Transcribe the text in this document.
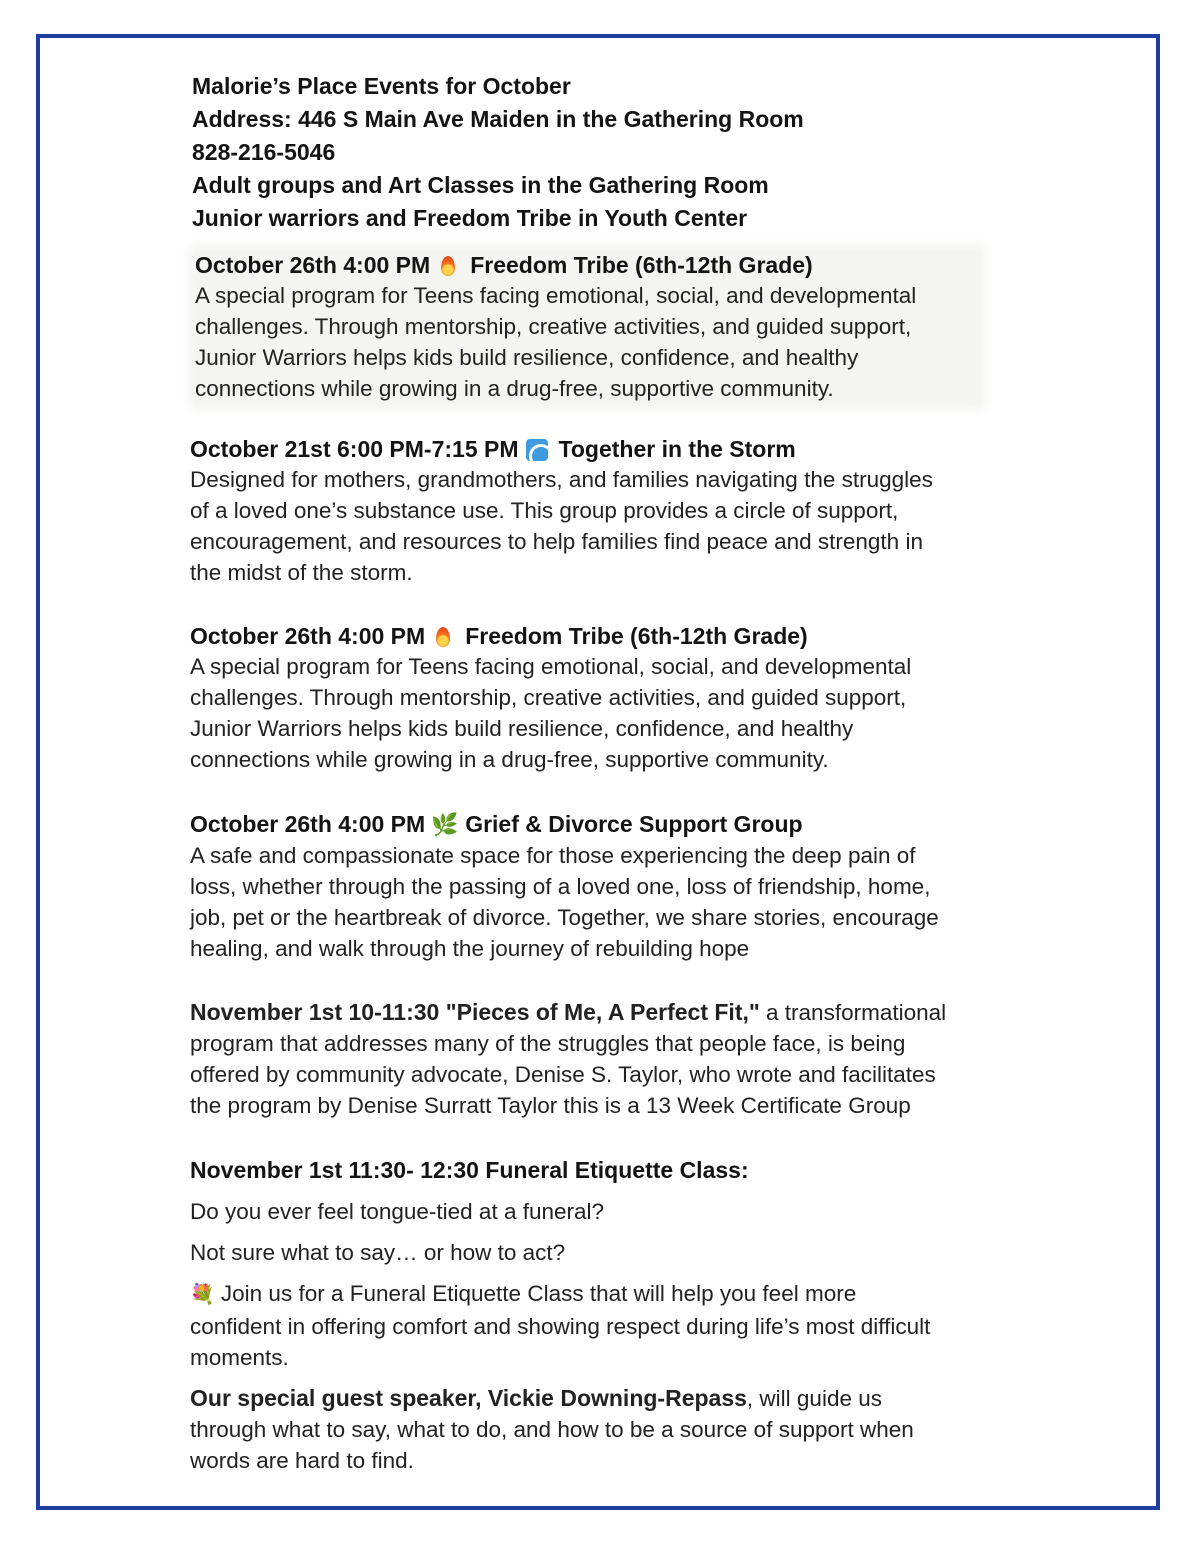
Malorie’s Place Events for October
Address: 446 S Main Ave Maiden in the Gathering Room
828-216-5046
Adult groups and Art Classes in the Gathering Room
Junior warriors and Freedom Tribe in Youth Center
October 26th 4:00 PM Freedom Tribe (6th-12th Grade)
A special program for Teens facing emotional, social, and developmental
challenges. Through mentorship, creative activities, and guided support,
Junior Warriors helps kids build resilience, confidence, and healthy
connections while growing in a drug-free, supportive community.
October 21st 6:00 PM-7:15 PM Together in the Storm
Designed for mothers, grandmothers, and families navigating the struggles
of a loved one’s substance use. This group provides a circle of support,
encouragement, and resources to help families find peace and strength in
the midst of the storm.
October 26th 4:00 PM Freedom Tribe (6th-12th Grade)
A special program for Teens facing emotional, social, and developmental
challenges. Through mentorship, creative activities, and guided support,
Junior Warriors helps kids build resilience, confidence, and healthy
connections while growing in a drug-free, supportive community.
October 26th 4:00 PM 🌿 Grief & Divorce Support Group
A safe and compassionate space for those experiencing the deep pain of
loss, whether through the passing of a loved one, loss of friendship, home,
job, pet or the heartbreak of divorce. Together, we share stories, encourage
healing, and walk through the journey of rebuilding hope
November 1st 10-11:30 "Pieces of Me, A Perfect Fit," a transformational
program that addresses many of the struggles that people face, is being
offered by community advocate, Denise S. Taylor, who wrote and facilitates
the program by Denise Surratt Taylor this is a 13 Week Certificate Group
November 1st 11:30- 12:30 Funeral Etiquette Class:
Do you ever feel tongue-tied at a funeral?
Not sure what to say… or how to act?
💐 Join us for a Funeral Etiquette Class that will help you feel more
confident in offering comfort and showing respect during life’s most difficult
moments.
Our special guest speaker, Vickie Downing-Repass, will guide us
through what to say, what to do, and how to be a source of support when
words are hard to find.
